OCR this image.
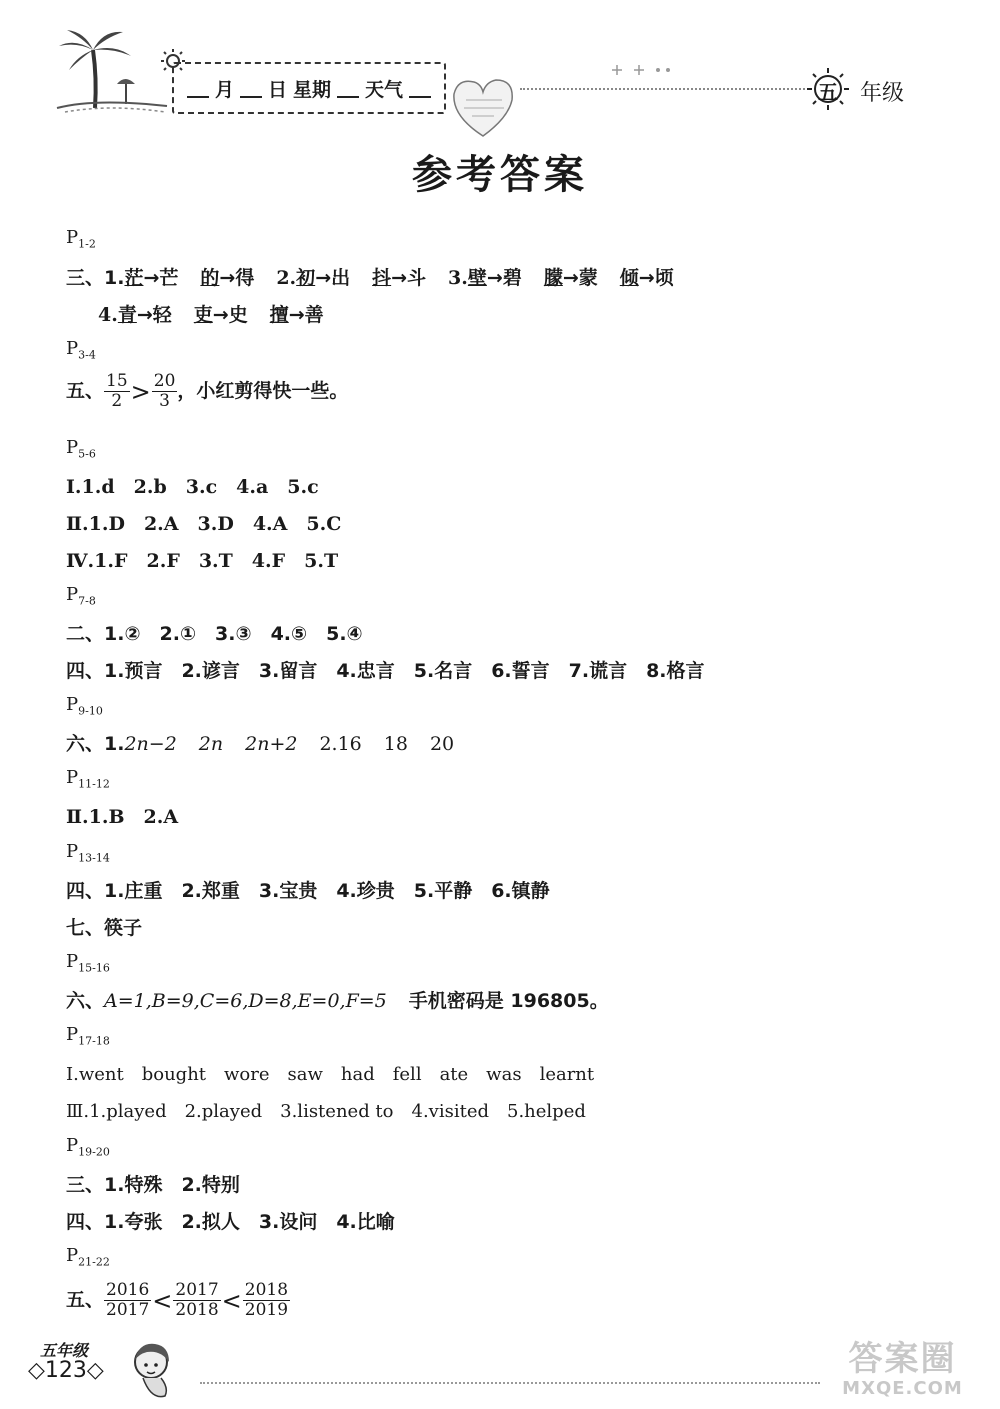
月 日 星期 天气	五 年级
参考答案
$P_{1-2}$
三、1.茫→芒 的→得 2.初→出 抖→斗 3.壁→碧 朦→蒙 倾→顷
4.青→轻 吏→史 擅→善
$P_{3-4}$
五、 $\frac{15}{2} > \frac{20}{3}$ ，小红剪得快一些。
$P_{5-6}$
Ⅰ.1.d　2.b　3.c　4.a　5.c
Ⅱ.1.D　2.A　3.D　4.A　5.C
Ⅳ.1.F　2.F　3.T　4.F　5.T
$P_{7-8}$
二、1.②　2.①　3.③　4.⑤　5.④
四、1.预言　2.谚言　3.留言　4.忠言　5.名言　6.誓言　7.谎言　8.格言
$P_{9-10}$
六、1.2n−2 2n 2n+2 2.16 18 20
$P_{11-12}$
Ⅱ.1.B　2.A
$P_{13-14}$
四、1.庄重　2.郑重　3.宝贵　4.珍贵　5.平静　6.镇静
七、筷子
$P_{15-16}$
六、A=1,B=9,C=6,D=8,E=0,F=5 手机密码是 196805。
$P_{17-18}$
Ⅰ.went　bought　wore　saw　had　fell　ate　was　learnt
Ⅲ.1.played　2.played　3.listened to　4.visited　5.helped
$P_{19-20}$
三、1.特殊　2.特别
四、1.夸张　2.拟人　3.设问　4.比喻
$P_{21-22}$
五、 $\frac{2016}{2017} < \frac{2017}{2018} < \frac{2018}{2019}$
五年级
◇123◇	答案圈
MXQE.COM
